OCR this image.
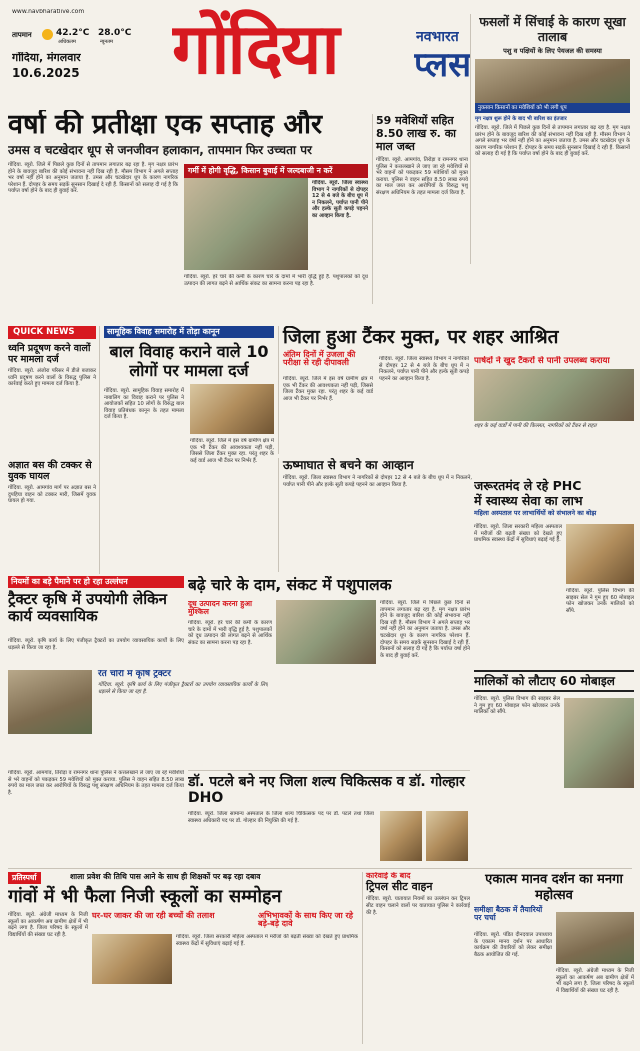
www.navbharatlive.com
तापमान	42.2°C
अधिकतम
28.0°C
न्यूनतम
गोंदिया, मंगलवार
10.6.2025 गोंदिया	नवभारत
प्लस
फसलों में सिंचाई के कारण सूखा तालाब
पशु व पक्षियों के लिए पेयजल की समस्या
नुकसान किसानों का मवेशियों को भी लगी धूप
मृग नक्षत्र शुरू होने के बाद भी बारिश का इंतजार
गोंदिया. ब्यूरो. जिले में पिछले कुछ दिनों से तापमान लगातार बढ़ रहा है. मृग नक्षत्र प्रारंभ होने के बावजूद बारिश की कोई संभावना नहीं दिख रही है. मौसम विभाग ने अगले सप्ताह भर वर्षा नहीं होने का अनुमान जताया है. उमस और चटखेदार धूप के कारण नागरिक परेशान हैं. दोपहर के समय सड़कें सुनसान दिखाई दे रही हैं. किसानों को सलाह दी गई है कि पर्याप्त वर्षा होने के बाद ही बुवाई करें.
वर्षा की प्रतीक्षा एक सप्ताह और
उमस व चटखेदार धूप से जनजीवन हलाकान, तापमान फिर उच्चता पर
गोंदिया. ब्यूरो. जिले में पिछले कुछ दिनों से तापमान लगातार बढ़ रहा है. मृग नक्षत्र प्रारंभ होने के बावजूद बारिश की कोई संभावना नहीं दिख रही है. मौसम विभाग ने अगले सप्ताह भर वर्षा नहीं होने का अनुमान जताया है. उमस और चटखेदार धूप के कारण नागरिक परेशान हैं. दोपहर के समय सड़कें सुनसान दिखाई दे रही हैं. किसानों को सलाह दी गई है कि पर्याप्त वर्षा होने के बाद ही बुवाई करें.
गर्मी में होगी वृद्धि, किसान बुवाई में जल्दबाजी न करें
गोंदिया. ब्यूरो. जिला स्वास्थ्य विभाग ने नागरिकों से दोपहर 12 से 4 बजे के बीच धूप में न निकलने, पर्याप्त पानी पीने और हल्के सूती कपड़े पहनने का आव्हान किया है.
गोंदिया. ब्यूरो. हरे चारे की कमी के कारण चारे के दामों में भारी वृद्धि हुई है. पशुपालकों को दूध उत्पादन की लागत बढ़ने से आर्थिक संकट का सामना करना पड़ रहा है.
59 मवेशियों सहित 8.50 लाख रु. का माल जब्त
गोंदिया. ब्यूरो. आमगांव, तिरोड़ा व रामनगर थाना पुलिस ने कत्तलखाने ले जाए जा रहे मवेशियों से भरे वाहनों को पकड़कर 59 मवेशियों को मुक्त कराया. पुलिस ने वाहन सहित 8.50 लाख रुपये का माल जब्त कर आरोपियों के विरुद्ध पशु संरक्षण अधिनियम के तहत मामला दर्ज किया है.
QUICK NEWS
ध्वनि प्रदूषण करने वालों पर मामला दर्ज
गोंदिया. ब्यूरो. अंजोरा परिसर में डीजे बजाकर ध्वनि प्रदूषण करने वालों के विरुद्ध पुलिस ने कार्रवाई करते हुए मामला दर्ज किया है.
अज्ञात बस की टक्कर से युवक घायल
गोंदिया. ब्यूरो. आमगांव मार्ग पर अज्ञात बस ने दुपहिया वाहन को टक्कर मारी, जिसमें युवक घायल हो गया.
सामूहिक विवाह समारोह में तोड़ा कानून
बाल विवाह कराने वाले 10 लोगों पर मामला दर्ज
गोंदिया. ब्यूरो. सामूहिक विवाह समारोह में नाबालिग का विवाह कराने पर पुलिस ने आयोजकों सहित 10 लोगों के विरुद्ध बाल विवाह प्रतिबंधक कानून के तहत मामला दर्ज किया है.
गोंदिया. ब्यूरो. जिले में इस वर्ष ग्रामीण क्षेत्र में एक भी टैंकर की आवश्यकता नहीं पड़ी, जिससे जिला टैंकर मुक्त रहा. परंतु शहर के कई वार्ड आज भी टैंकर पर निर्भर हैं.
जिला हुआ टैंकर मुक्त, पर शहर आश्रित
अंतिम दिनों में उजला की परीक्षा से रही दीपावली
गोंदिया. ब्यूरो. जिले में इस वर्ष ग्रामीण क्षेत्र में एक भी टैंकर की आवश्यकता नहीं पड़ी, जिससे जिला टैंकर मुक्त रहा. परंतु शहर के कई वार्ड आज भी टैंकर पर निर्भर हैं.
गोंदिया. ब्यूरो. जिला स्वास्थ्य विभाग ने नागरिकों से दोपहर 12 से 4 बजे के बीच धूप में न निकलने, पर्याप्त पानी पीने और हल्के सूती कपड़े पहनने का आव्हान किया है.
पार्षदों ने खुद टैंकरों से पानी उपलब्ध कराया
शहर के कई वार्डों में पानी की किल्लत, नागरिकों को टैंकर से राहत
ऊष्माघात से बचने का आव्हान
गोंदिया. ब्यूरो. जिला स्वास्थ्य विभाग ने नागरिकों से दोपहर 12 से 4 बजे के बीच धूप में न निकलने, पर्याप्त पानी पीने और हल्के सूती कपड़े पहनने का आव्हान किया है.	जरूरतमंद ले रहे PHC
में स्वास्थ्य सेवा का लाभ
महिला अस्पताल पर लाभार्थियों को संभालने का बोझ
गोंदिया. ब्यूरो. जिला सरकारी महिला अस्पताल में मरीजों की बढ़ती संख्या को देखते हुए प्राथमिक स्वास्थ्य केंद्रों में सुविधाएं बढ़ाई गई हैं.
गोंदिया. ब्यूरो. पुलिस विभाग की साइबर सेल ने गुम हुए 60 मोबाइल फोन खोजकर उनके मालिकों को सौंपे.
नियमों का बड़े पैमाने पर हो रहा उल्लंघन
ट्रैक्टर कृषि में उपयोगी लेकिन कार्य व्यवसायिक
गोंदिया. ब्यूरो. कृषि कार्य के लिए पंजीकृत ट्रैक्टरों का उपयोग व्यावसायिक कार्यों के लिए धड़ल्ले से किया जा रहा है.
बढ़े चारे के दाम, संकट में पशुपालक
दूध उत्पादन करना हुआ मुश्किल
गोंदिया. ब्यूरो. हरे चारे की कमी के कारण चारे के दामों में भारी वृद्धि हुई है. पशुपालकों को दूध उत्पादन की लागत बढ़ने से आर्थिक संकट का सामना करना पड़ रहा है.
गोंदिया. ब्यूरो. जिले में पिछले कुछ दिनों से तापमान लगातार बढ़ रहा है. मृग नक्षत्र प्रारंभ होने के बावजूद बारिश की कोई संभावना नहीं दिख रही है. मौसम विभाग ने अगले सप्ताह भर वर्षा नहीं होने का अनुमान जताया है. उमस और चटखेदार धूप के कारण नागरिक परेशान हैं. दोपहर के समय सड़कें सुनसान दिखाई दे रही हैं. किसानों को सलाह दी गई है कि पर्याप्त वर्षा होने के बाद ही बुवाई करें.
रेत चोरी में कृषि ट्रैक्टर
गोंदिया. ब्यूरो. कृषि कार्य के लिए पंजीकृत ट्रैक्टरों का उपयोग व्यावसायिक कार्यों के लिए धड़ल्ले से किया जा रहा है.
डॉ. पटले बने नए जिला शल्य चिकित्सक व डॉ. गोल्हार DHO
गोंदिया. ब्यूरो. जिला सामान्य अस्पताल के जिला शल्य चिकित्सक पद पर डॉ. पटले तथा जिला स्वास्थ्य अधिकारी पद पर डॉ. गोल्हार की नियुक्ति की गई है.
गोंदिया. ब्यूरो. आमगांव, तिरोड़ा व रामनगर थाना पुलिस ने कत्तलखाने ले जाए जा रहे मवेशियों से भरे वाहनों को पकड़कर 59 मवेशियों को मुक्त कराया. पुलिस ने वाहन सहित 8.50 लाख रुपये का माल जब्त कर आरोपियों के विरुद्ध पशु संरक्षण अधिनियम के तहत मामला दर्ज किया है.
मालिकों को लौटाए 60 मोबाइल
गोंदिया. ब्यूरो. पुलिस विभाग की साइबर सेल ने गुम हुए 60 मोबाइल फोन खोजकर उनके मालिकों को सौंपे.
प्रतिस्पर्धा	शाला प्रवेश की तिथि पास आने के साथ ही शिक्षकों पर बढ़ रहा दबाव
गांवों में भी फैला निजी स्कूलों का सम्मोहन
घर-घर जाकर की जा रही बच्चों की तलाश	अभिभावकों के साथ किए जा रहे बड़े-बड़े दावे
गोंदिया. ब्यूरो. अंग्रेजी माध्यम के निजी स्कूलों का आकर्षण अब ग्रामीण क्षेत्रों में भी बढ़ने लगा है. जिला परिषद के स्कूलों में विद्यार्थियों की संख्या घट रही है.	गोंदिया. ब्यूरो. जिला सरकारी महिला अस्पताल में मरीजों की बढ़ती संख्या को देखते हुए प्राथमिक स्वास्थ्य केंद्रों में सुविधाएं बढ़ाई गई हैं.
कार्रवाई के बाद
ट्रिपल सीट वाहन
गोंदिया. ब्यूरो. यातायात नियमों का उल्लंघन कर ट्रिपल सीट वाहन चलाने वालों पर यातायात पुलिस ने कार्रवाई की है.
एकात्म मानव दर्शन का मनगा महोत्सव
समीक्षा बैठक में तैयारियों पर चर्चा
गोंदिया. ब्यूरो. पंडित दीनदयाल उपाध्याय के एकात्म मानव दर्शन पर आधारित कार्यक्रम की तैयारियों को लेकर समीक्षा बैठक आयोजित की गई.
गोंदिया. ब्यूरो. अंग्रेजी माध्यम के निजी स्कूलों का आकर्षण अब ग्रामीण क्षेत्रों में भी बढ़ने लगा है. जिला परिषद के स्कूलों में विद्यार्थियों की संख्या घट रही है.
